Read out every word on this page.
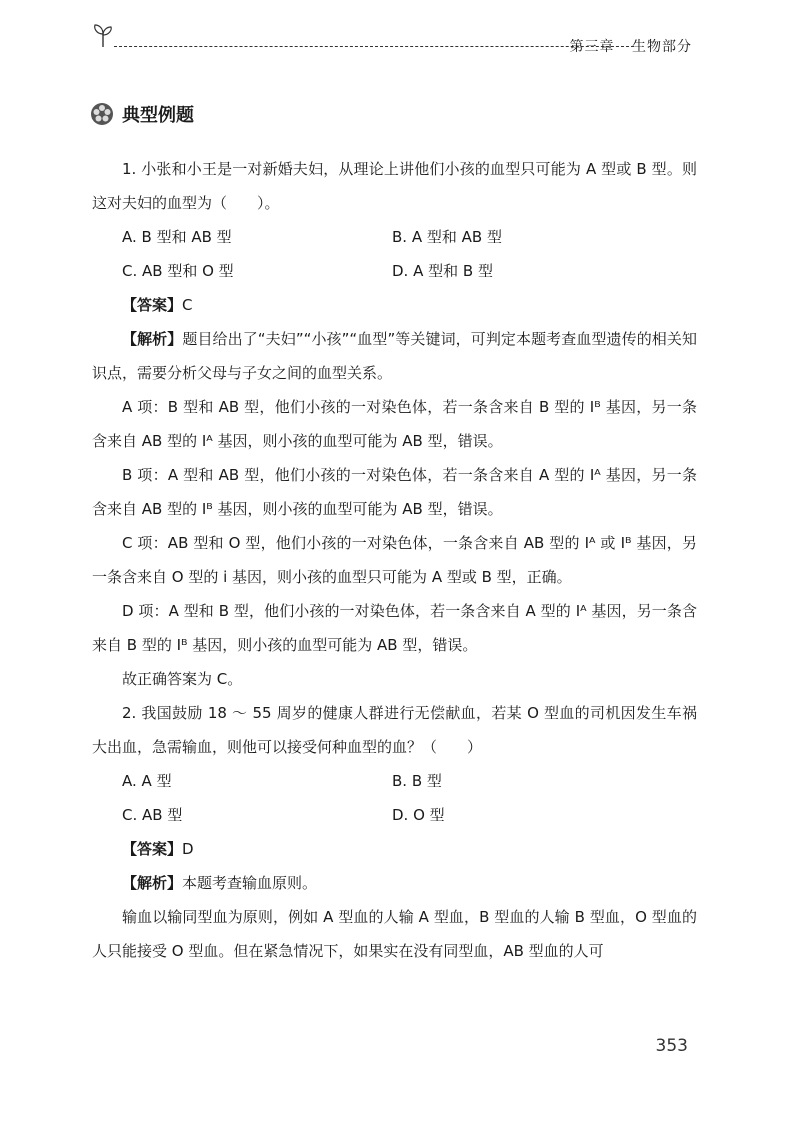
第三章 生物部分
典型例题

1. 小张和小王是一对新婚夫妇，从理论上讲他们小孩的血型只可能为 A 型或 B 型。则这对夫妇的血型为（　　）。

A. B 型和 AB 型	B. A 型和 AB 型
C. AB 型和 O 型	D. A 型和 B 型

【答案】C

【解析】题目给出了“夫妇”“小孩”“血型”等关键词，可判定本题考查血型遗传的相关知识点，需要分析父母与子女之间的血型关系。

A 项：B 型和 AB 型，他们小孩的一对染色体，若一条含来自 B 型的 Iᴮ 基因，另一条含来自 AB 型的 Iᴬ 基因，则小孩的血型可能为 AB 型，错误。

B 项：A 型和 AB 型，他们小孩的一对染色体，若一条含来自 A 型的 Iᴬ 基因，另一条含来自 AB 型的 Iᴮ 基因，则小孩的血型可能为 AB 型，错误。

C 项：AB 型和 O 型，他们小孩的一对染色体，一条含来自 AB 型的 Iᴬ 或 Iᴮ 基因，另一条含来自 O 型的 i 基因，则小孩的血型只可能为 A 型或 B 型，正确。

D 项：A 型和 B 型，他们小孩的一对染色体，若一条含来自 A 型的 Iᴬ 基因，另一条含来自 B 型的 Iᴮ 基因，则小孩的血型可能为 AB 型，错误。

故正确答案为 C。

2. 我国鼓励 18 ～ 55 周岁的健康人群进行无偿献血，若某 O 型血的司机因发生车祸大出血，急需输血，则他可以接受何种血型的血？（　　）

A. A 型	B. B 型
C. AB 型	D. O 型

【答案】D

【解析】本题考查输血原则。

输血以输同型血为原则，例如 A 型血的人输 A 型血，B 型血的人输 B 型血，O 型血的人只能接受 O 型血。但在紧急情况下，如果实在没有同型血，AB 型血的人可

353
